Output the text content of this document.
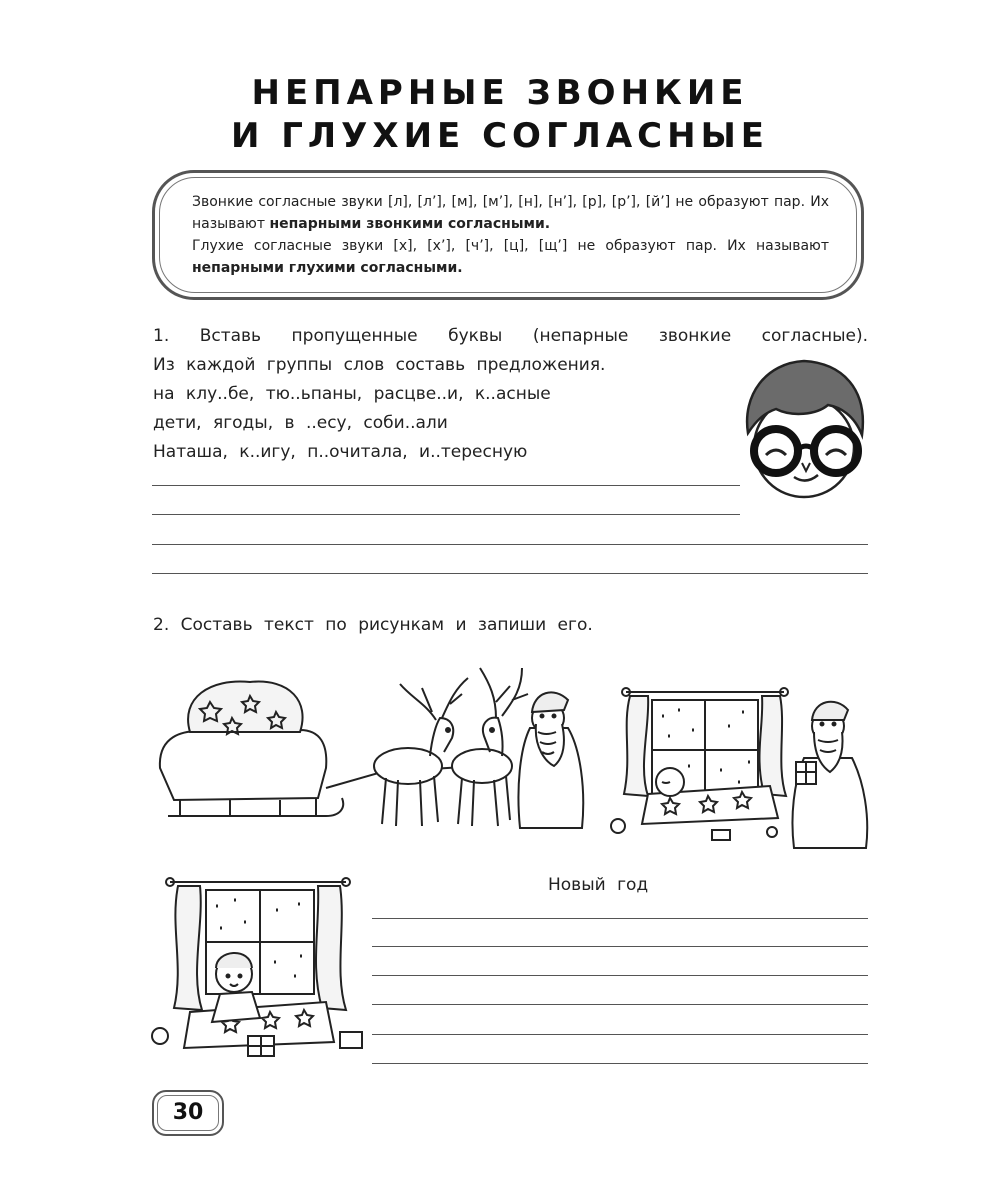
НЕПАРНЫЕ ЗВОНКИЕ
И ГЛУХИЕ СОГЛАСНЫЕ

Звонкие согласные звуки [л], [л’], [м], [м’], [н], [н’], [р], [р’], [й’] не образуют пар. Их называют непарными звонкими согласными.

Глухие согласные звуки [х], [х’], [ч’], [ц], [щ’] не образуют пар. Их называют непарными глухими согласными.

1. Вставь пропущенные буквы (непарные звонкие согласные).
Из каждой группы слов составь предложения.
на клу..бе, тю..ьпаны, расцве..и, к..асные
дети, ягоды, в ..есу, соби..али
Наташа, к..игу, п..очитала, и..тересную
2. Составь текст по рисункам и запиши его.
Новый год
30
